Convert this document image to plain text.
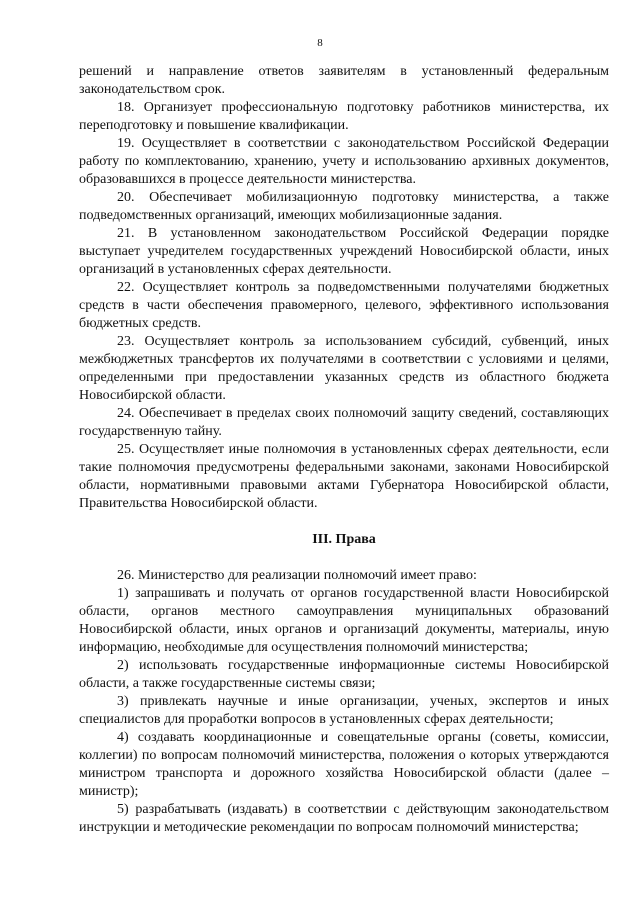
8

решений и направление ответов заявителям в установленный федеральным законодательством срок.

18. Организует профессиональную подготовку работников министерства, их переподготовку и повышение квалификации.

19. Осуществляет в соответствии с законодательством Российской Федерации работу по комплектованию, хранению, учету и использованию архивных документов, образовавшихся в процессе деятельности министерства.

20. Обеспечивает мобилизационную подготовку министерства, а также подведомственных организаций, имеющих мобилизационные задания.

21. В установленном законодательством Российской Федерации порядке выступает учредителем государственных учреждений Новосибирской области, иных организаций в установленных сферах деятельности.

22. Осуществляет контроль за подведомственными получателями бюджетных средств в части обеспечения правомерного, целевого, эффективного использования бюджетных средств.

23. Осуществляет контроль за использованием субсидий, субвенций, иных межбюджетных трансфертов их получателями в соответствии с условиями и целями, определенными при предоставлении указанных средств из областного бюджета Новосибирской области.

24. Обеспечивает в пределах своих полномочий защиту сведений, составляющих государственную тайну.

25. Осуществляет иные полномочия в установленных сферах деятельности, если такие полномочия предусмотрены федеральными законами, законами Новосибирской области, нормативными правовыми актами Губернатора Новосибирской области, Правительства Новосибирской области.

III. Права

26. Министерство для реализации полномочий имеет право:

1) запрашивать и получать от органов государственной власти Новосибирской области, органов местного самоуправления муниципальных образований Новосибирской области, иных органов и организаций документы, материалы, иную информацию, необходимые для осуществления полномочий министерства;

2) использовать государственные информационные системы Новосибирской области, а также государственные системы связи;

3) привлекать научные и иные организации, ученых, экспертов и иных специалистов для проработки вопросов в установленных сферах деятельности;

4) создавать координационные и совещательные органы (советы, комиссии, коллегии) по вопросам полномочий министерства, положения о которых утверждаются министром транспорта и дорожного хозяйства Новосибирской области (далее – министр);

5) разрабатывать (издавать) в соответствии с действующим законодательством инструкции и методические рекомендации по вопросам полномочий министерства;
